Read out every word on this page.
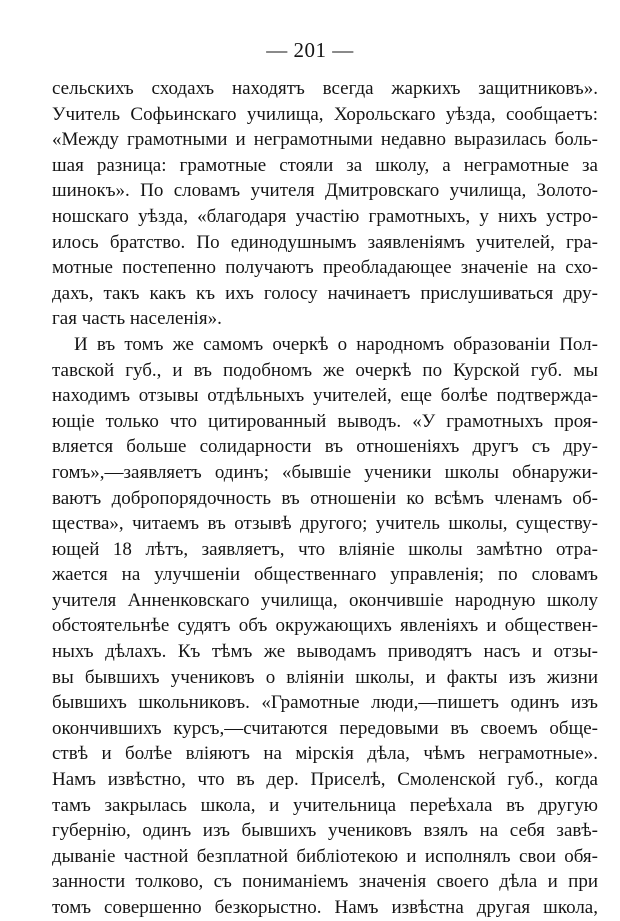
— 201 —
сельскихъ сходахъ находятъ всегда жаркихъ защитниковъ».
Учитель Софьинскаго училища, Хорольскаго уѣзда, сообщаетъ:
«Между грамотными и неграмотными недавно выразилась боль-
шая разница: грамотные стояли за школу, а неграмотные за
шинокъ». По словамъ учителя Дмитровскаго училища, Золото-
ношскаго уѣзда, «благодаря участію грамотныхъ, у нихъ устро-
илось братство. По единодушнымъ заявленіямъ учителей, гра-
мотные постепенно получаютъ преобладающее значеніе на схо-
дахъ, такъ какъ къ ихъ голосу начинаетъ прислушиваться дру-
гая часть населенія».
И въ томъ же самомъ очеркѣ о народномъ образованіи Пол-
тавской губ., и въ подобномъ же очеркѣ по Курской губ. мы
находимъ отзывы отдѣльныхъ учителей, еще болѣе подтвержда-
ющіе только что цитированный выводъ. «У грамотныхъ проя-
вляется больше солидарности въ отношеніяхъ другъ съ дру-
гомъ»,—заявляетъ одинъ; «бывшіе ученики школы обнаружи-
ваютъ добропорядочность въ отношеніи ко всѣмъ членамъ об-
щества», читаемъ въ отзывѣ другого; учитель школы, существу-
ющей 18 лѣтъ, заявляетъ, что вліяніе школы замѣтно отра-
жается на улучшеніи общественнаго управленія; по словамъ
учителя Анненковскаго училища, окончившіе народную школу
обстоятельнѣе судятъ объ окружающихъ явленіяхъ и обществен-
ныхъ дѣлахъ. Къ тѣмъ же выводамъ приводятъ насъ и отзы-
вы бывшихъ учениковъ о вліяніи школы, и факты изъ жизни
бывшихъ школьниковъ. «Грамотные люди,—пишетъ одинъ изъ
окончившихъ курсъ,—считаются передовыми въ своемъ обще-
ствѣ и болѣе вліяютъ на мірскія дѣла, чѣмъ неграмотные».
Намъ извѣстно, что въ дер. Приселѣ, Смоленской губ., когда
тамъ закрылась школа, и учительница переѣхала въ другую
губернію, одинъ изъ бывшихъ учениковъ взялъ на себя завѣ-
дываніе частной безплатной библіотекою и исполнялъ свои обя-
занности толково, съ пониманіемъ значенія своего дѣла и при
томъ совершенно безкорыстно. Намъ извѣстна другая школа,
